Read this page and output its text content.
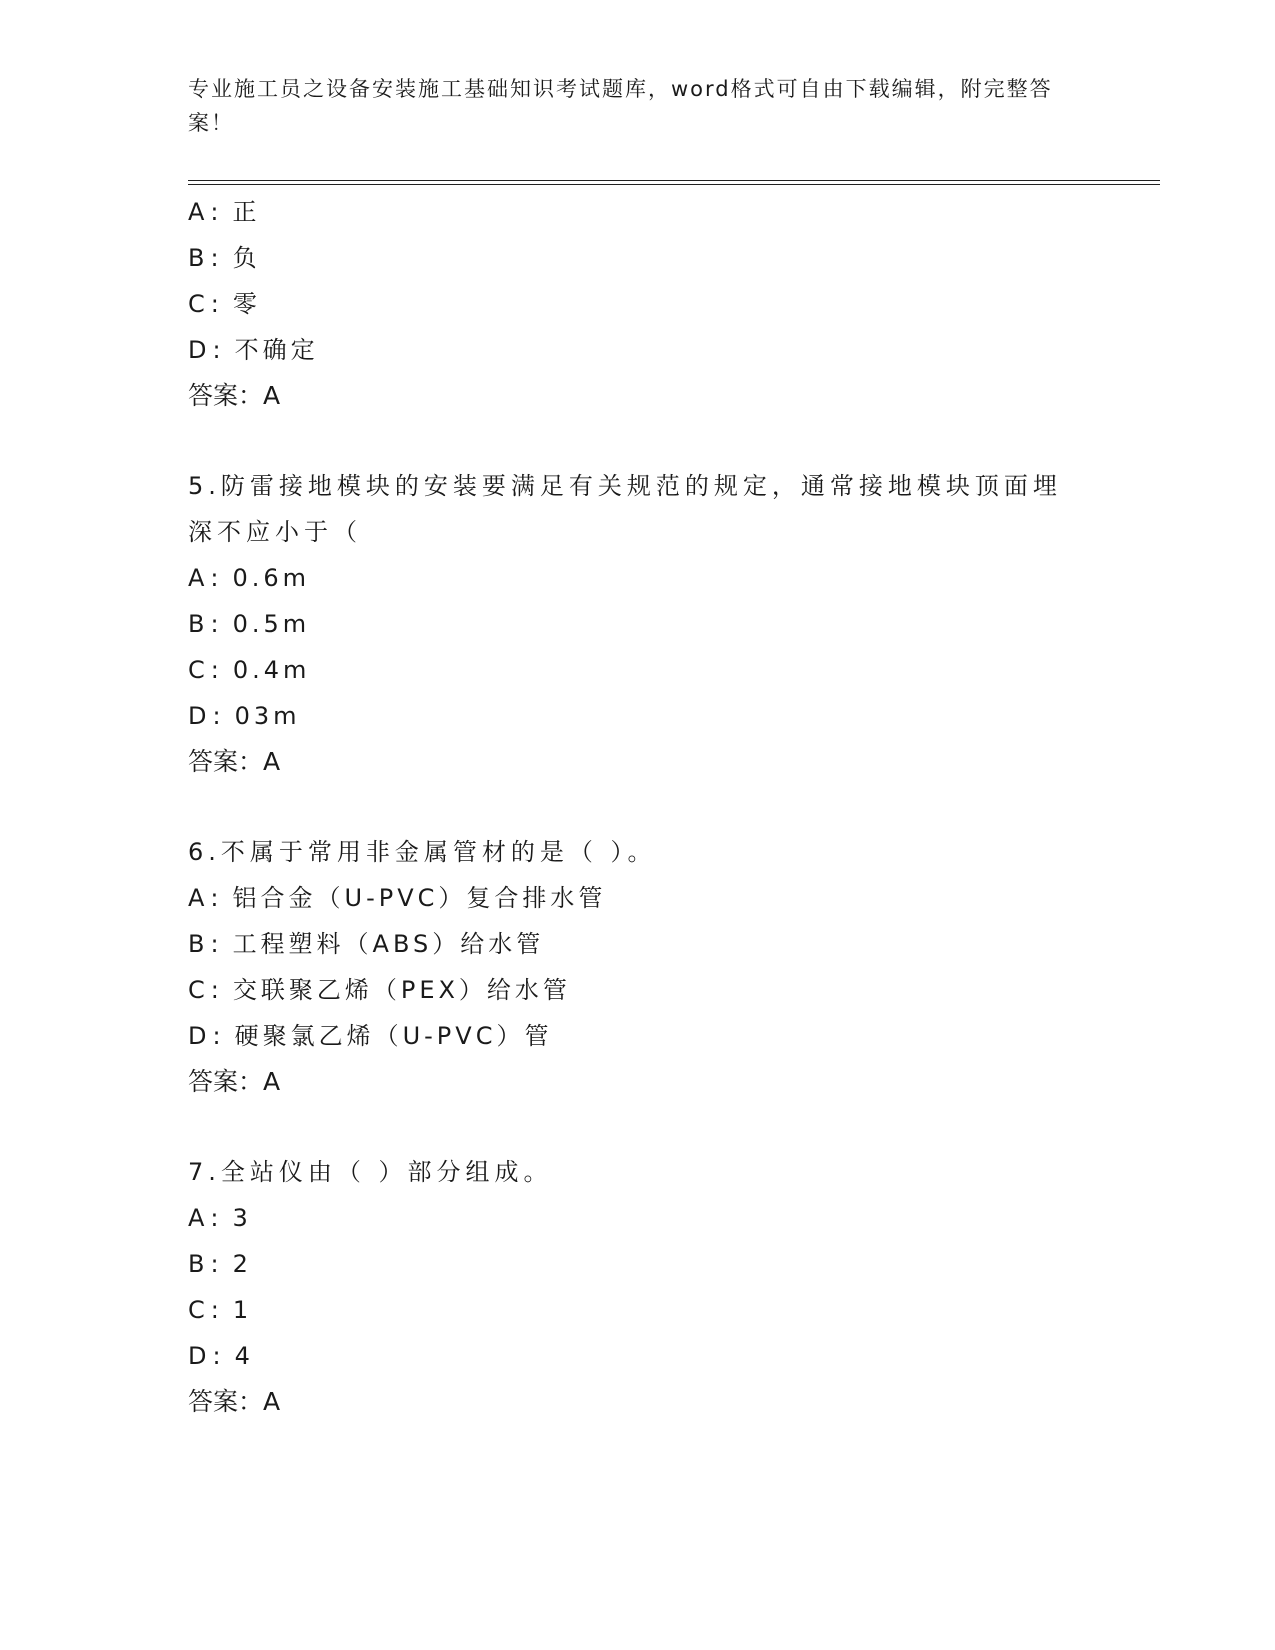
专业施工员之设备安装施工基础知识考试题库，word格式可自由下载编辑，附完整答案！
A : 正
B : 负
C : 零
D : 不确定
答案：A
5.防雷接地模块的安装要满足有关规范的规定，通常接地模块顶面埋深不应小于（
A : 0.6m
B : 0.5m
C : 0.4m
D : 03m
答案：A
6.不属于常用非金属管材的是（ ）。
A : 铝合金（U-PVC）复合排水管
B : 工程塑料（ABS）给水管
C : 交联聚乙烯（PEX）给水管
D : 硬聚氯乙烯（U-PVC）管
答案：A
7.全站仪由（ ）部分组成。
A : 3
B : 2
C : 1
D : 4
答案：A
